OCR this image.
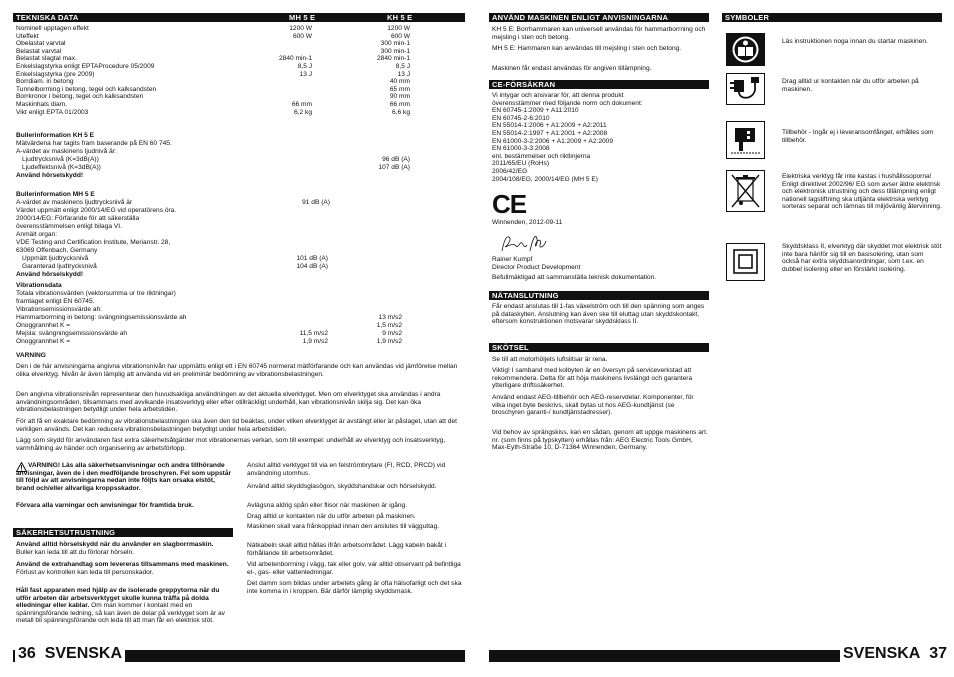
TEKNISKA DATA	MH 5 E	KH 5 E
Nominell upptagen effekt	1200 W	1200 W
Uteffekt	600 W	600 W
Obelastat varvtal	300 min-1
Belastat varvtal	300 min-1
Belastat slagtal max.	2840 min-1	2840 min-1
Enkelslagstyrka enligt EPTAProcedure 05/2009	8,5 J	8,5 J
Enkelslagstyrka (pre 2009)	13 J	13 J
Borrdiam. in betong	40 mm
Tunnelborrning i betong, tegel och kalksandsten	65 mm
Borrkronor i betong, tegel och kalksandsten	90 mm
Maskinhals diam.	66 mm	66 mm
Vikt enligt EPTA 01/2003	6,2 kg	6,6 kg
Bullerinformation KH 5 E
Mätvärdena har tagits fram baserande på EN 60 745.
A-värdet av maskinens ljudnivå är:
Ljudtrycksnivå (K=3dB(A))	96 dB (A)
Ljudeffektsnivå (K=3dB(A))	107 dB (A)
Använd hörselskydd!
Bullerinformation MH 5 E
A-värdet av maskinens ljudtrycksnivå är	91 dB (A)
Värdet uppmätt enligt 2000/14/EG vid operatörens öra.
2000/14/EG: Förfarande för att säkerställa
överensstämmelsen enligt bilaga VI.
Anmält organ:
VDE Testing and Certification Institute, Merianstr. 28,
63069 Offenbach, Germany
Uppmätt ljudtrycksnivå	101 dB (A)
Garanterad ljudtrycksnivå	104 dB (A)
Använd hörselskydd!
Vibrationsdata
Totala vibrationsvärden (vektorsumma ur tre riktningar)
framtaget enligt EN 60745.
Vibrationsemissionsvärde ah:
Hammarborrning in betong: svängningsemissionsvärde ah	13 m/s2
Onoggrannhet K =	1,5 m/s2
Mejsla: svängningsemissionsvärde ah	11,5 m/s2	9 m/s2
Onoggrannhet K =	1,9 m/s2	1,9 m/s2
VARNING
Den i de här anvisningarna angivna vibrationsnivån har uppmätts enligt ett i EN 60745 normerat mätförfarande och kan användas vid jämförelse mellan olika elverktyg. Nivån är även lämplig att använda vid en preliminär bedömning av vibrationsbelastningen.
Den angivna vibrationsnivån representerar den huvudsakliga användningen av det aktuella elverktyget. Men om elverktyget ska användas i andra användningsområden, tillsammans med avvikande insatsverktyg eller efter otillräckligt underhåll, kan vibrationsnivån skilja sig. Det kan öka vibrationsbelastningen betydligt under hela arbetstiden.
För att få en exaktare bedömning av vibrationsbelastningen ska även den tid beaktas, under vilken elverktyget är avstängt eller är påslaget, utan att det verkligen används. Det kan reducera vibrationsbelastningen betydligt under hela arbetstiden.
Lägg som skydd för användaren fast extra säkerhetsåtgärder mot vibrationernas verkan, som till exempel: underhåll av elverktyg och insatsverktyg, varmhållning av händer och organisering av arbetsförlopp.
VARNING! Läs alla säkerhetsanvisningar och andra tillhörande anvisningar, även de i den medföljande broschyren. Fel som uppstår till följd av att anvisningarna nedan inte följts kan orsaka elstöt, brand och/eller allvarliga kroppsskador.
Förvara alla varningar och anvisningar för framtida bruk.
SÄKERHETSUTRUSTNING
Använd alltid hörselskydd när du använder en slagborrmaskin. Buller kan leda till att du förlorar hörseln.
Använd de extrahandtag som levereras tillsammans med maskinen. Förlust av kontrollen kan leda till personskador.
Håll fast apparaten med hjälp av de isolerade greppytorna när du utför arbeten där arbetsverktyget skulle kunna träffa på dolda elledningar eller kablar. Om man kommer i kontakt med en spänningsförande ledning, så kan även de delar på verktyget som är av metall bli spänningsförande och leda till att man får en elektrisk stöt.
Anslut alltid verktyget till via en felströmbrytare (FI, RCD, PRCD) vid användning utomhus.
Använd alltid skyddsglasögon, skyddshandskar och hörselskydd.
Avlägsna aldrig spån eller flisor när maskinen är igång.
Drag alltid ur kontakten när du utför arbeten på maskinen.
Maskinen skall vara frånkopplad innan den anslutes till vägguttag.
Nätkabeln skall alltid hållas ifrån arbetsområdet. Lägg kabeln bakåt i förhållande till arbetsområdet.
Vid arbetenborrning i vägg, tak eller golv, var alltid observant på befintliga el-, gas- eller vattenledningar.
Det damm som bildas under arbetets gång är ofta hälsofarligt och det ska inte komma in i kroppen. Bär därför lämplig skyddsmask.
36 SVENSKA
ANVÄND MASKINEN ENLIGT ANVISNINGARNA
KH 5 E: Borrhammaren kan universell användas för hammarborrning och mejsling i sten och betong.
MH 5 E: Hammaren kan användas till mejsling i sten och betong.
Maskinen får endast användas för angiven tillämpning.
CE-FÖRSÄKRAN
Vi intygar och ansvarar för, att denna produkt
överensstämmer med följande norm och dokument:
EN 60745-1:2009 + A11:2010
EN 60745-2-6:2010
EN 55014-1:2006 + A1:2009 + A2:2011
EN 55014-2:1997 + A1:2001 + A2:2008
EN 61000-3-2:2006 + A1:2009 + A2:2009
EN 61000-3-3:2008
enl. bestämmelser och riktlinjerna
2011/65/EU (RoHs)
2006/42/EG
2004/108/EG, 2000/14/EG (MH 5 E)
CE
Winnenden, 2012-09-11
Rainer Kumpf
Director Product Development
Befullmäktigad att sammanställa teknisk dokumentation.
NÄTANSLUTNING
Får endast anslutas till 1-fas växelström och till den spänning som anges på dataskylten. Anslutning kan även ske till eluttag utan skyddskontakt, eftersom konstruktionen motsvarar skyddsklass II.
SKÖTSEL
Se till att motorhöljets luftslitsar är rena.
Viktig! I samband med kolbyten är en översyn på serviceverkstad att rekommendera. Detta för att höja maskinens livslängd och garantera ytterligare driftssäkerhet.
Använd endast AEG-tillbehör och AEG-reservdelar. Komponenter, för vilka inget byte beskrivs, skall bytas ut hos AEG-kundtjänst (se broschyren garanti-/ kundtjänstadresser).
Vid behov av sprängskiss, kan en sådan, genom att uppge maskinens art. nr. (som finns på typskylten) erhållas från: AEG Electric Tools GmbH, Max-Eyth-Straße 10, D-71364 Winnenden, Germany.
SYMBOLER
Läs instruktionen noga innan du startar maskinen.
Drag alltid ur kontakten när du utför arbeten på maskinen.
Tillbehör - Ingår ej i leveransomfånget, erhålles som tillbehör.
Elektriska verktyg får inte kastas i hushållssoporna! Enligt direktivet 2002/96/ EG som avser äldre elektrisk och elektronisk utrustning och dess tillämpning enligt nationell lagstiftning ska uttjänta elektriska verktyg sorteras separat och lämnas till miljövänlig återvinning.
Skyddsklass II, elverktyg där skyddet mot elektrisk stöt inte bara hänför sig till en basisolering, utan som också har extra skyddsanordningar, som t.ex. en dubbel isolering eller en förstärkt isolering.
SVENSKA 37
